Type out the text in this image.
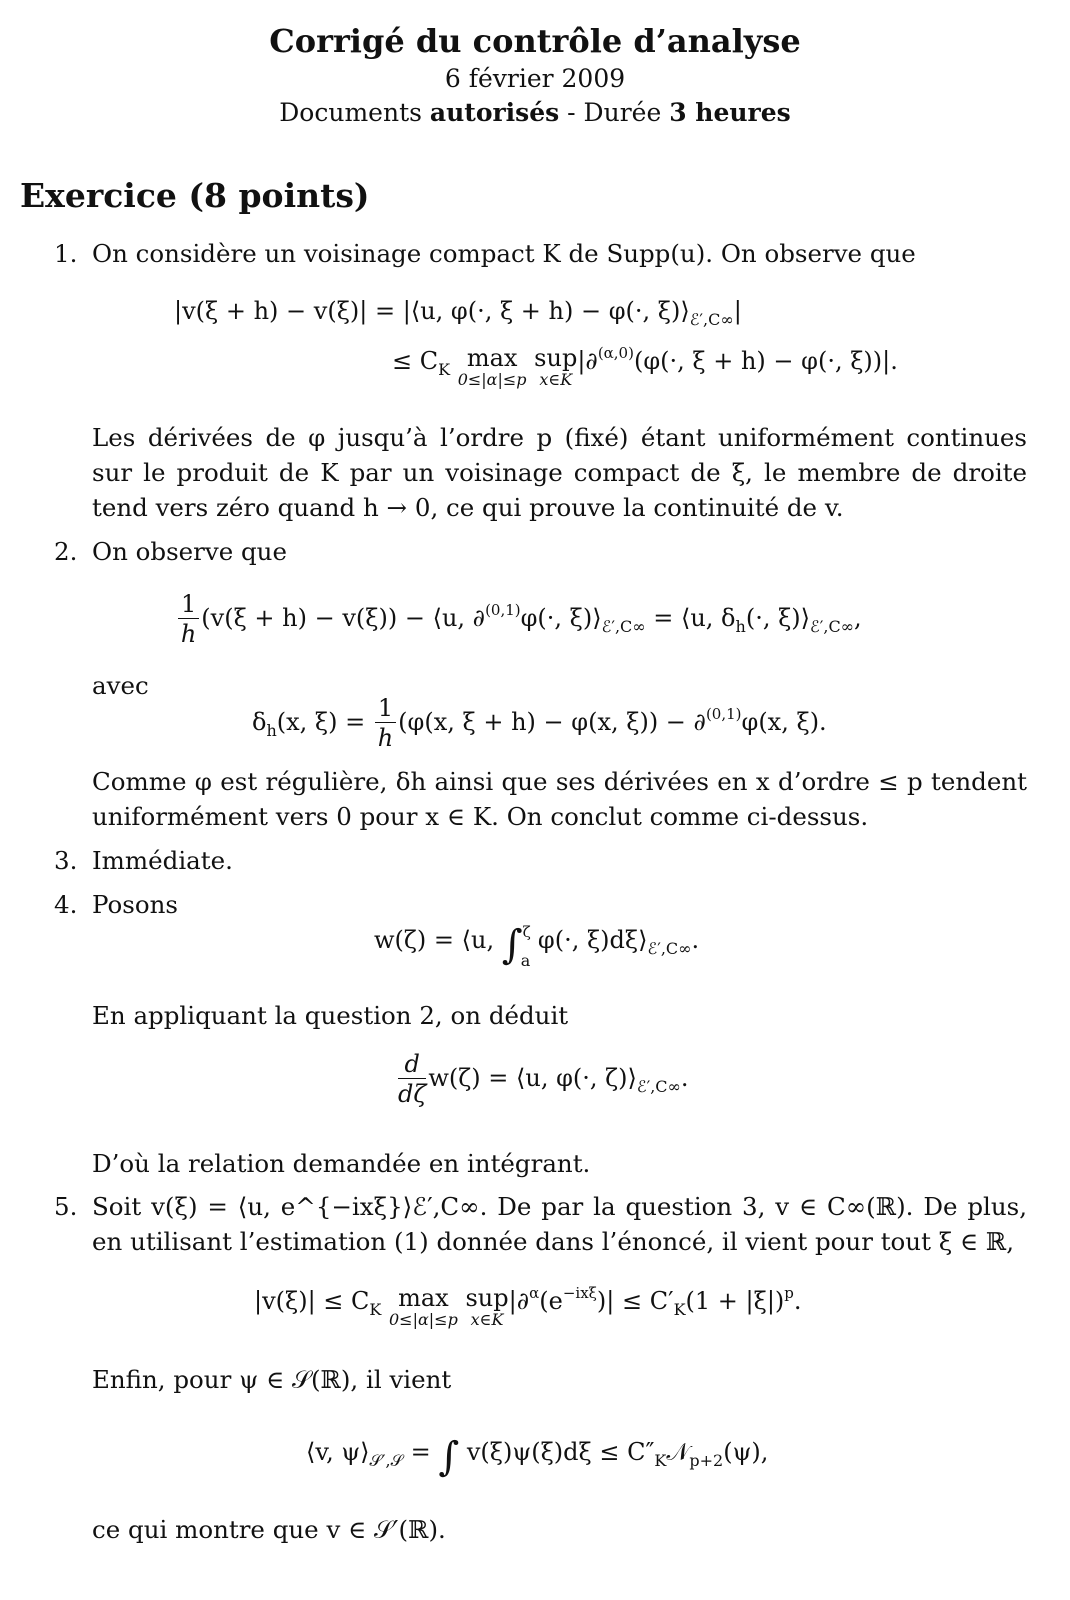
Corrigé du contrôle d’analyse
6 février 2009
Documents autorisés - Durée 3 heures
Exercice (8 points)
1. On considère un voisinage compact K de Supp(u). On observe que
|v(ξ + h) − v(ξ)| = |⟨u, φ(·, ξ + h) − φ(·, $\xi)⟩_{ℰ',C\infty}|$
≤ $C_K$ max
0≤|α|≤p
sup
x∈K
|∂$^{(\alpha,0)}$(φ(·, ξ + h) − φ(·, ξ))|.
Les dérivées de φ jusqu’à l’ordre p (fixé) étant uniformément continues sur le produit de K par un voisinage compact de ξ, le membre de droite tend vers zéro quand h → 0, ce qui prouve la continuité de v.
2. On observe que
$\frac{1}{h} (v(\xi + h) - v(\xi))$ − ⟨u, ∂$^{(0,1)}$φ(·, $\xi)⟩_{ℰ',C\infty}$ = ⟨u, $\delta_h(\cdot$, $\xi)⟩_{ℰ',C\infty}$,
avec
$\delta_h(x$, $\xi) = \frac{1}{h} (\varphi(x$, ξ + h) − φ(x, ξ)) − ∂$^{(0,1)}$φ(x, ξ).
Comme φ est régulière, δh ainsi que ses dérivées en x d’ordre ≤ p tendent uniformément vers 0 pour x ∈ K. On conclut comme ci-dessus.
3. Immédiate.
4. Posons
w(ζ) = ⟨u, ∫$^\zeta_a$ φ(·, $\xi)d\xi⟩_{ℰ',C\infty}$.
En appliquant la question 2, on déduit
$\frac{d}{d\zeta} w(\zeta)$ = ⟨u, φ(·, $\zeta)⟩_{ℰ',C\infty}$.
D’où la relation demandée en intégrant.
5. Soit v(ξ) = ⟨u, e^{−ixξ}⟩ℰ′,C∞. De par la question 3, v ∈ C∞(ℝ). De plus, en utilisant l’estimation (1) donnée dans l’énoncé, il vient pour tout ξ ∈ ℝ,
$|v(\xi)| \le C_K$ max
0≤|α|≤p
sup
x∈K
$|\partial^\alpha(e^{-ix\xi})| \le C'_K(1 + |\xi|)^p$.
Enfin, pour ψ ∈ 𝒮(ℝ), il vient
⟨v, $\psi⟩_{𝒮',𝒮}$ = ∫ $v(\xi)\psi(\xi)d\xi \le C''_K𝒩_{p+2}(\psi)$,
ce qui montre que v ∈ 𝒮′(ℝ).
